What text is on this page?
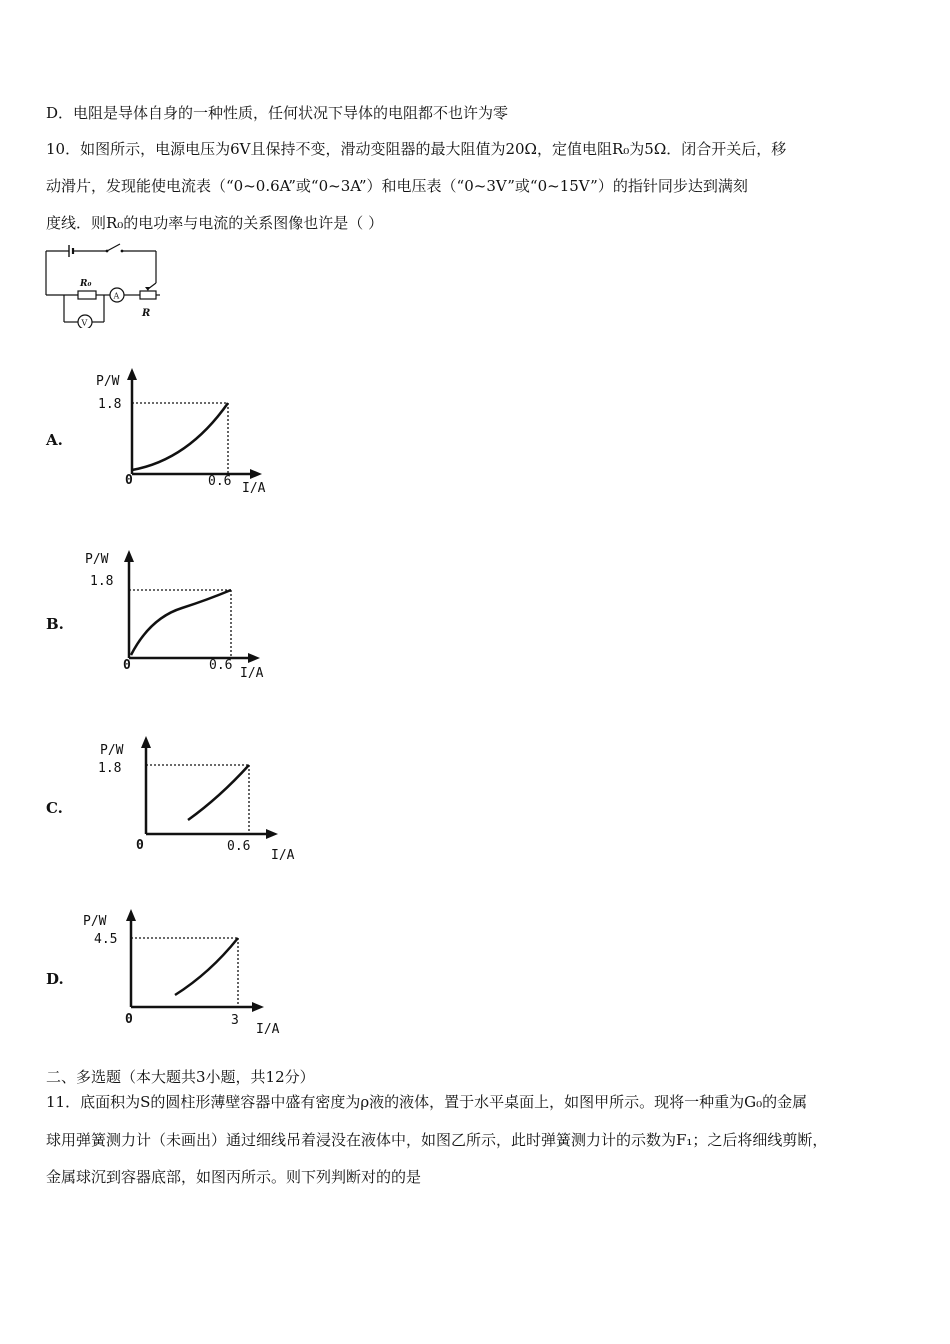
D．电阻是导体自身的一种性质，任何状况下导体的电阻都不也许为零
10．如图所示，电源电压为6V且保持不变，滑动变阻器的最大阻值为20Ω，定值电阻R₀为5Ω．闭合开关后，移
动滑片，发现能使电流表（“0~0.6A”或“0~3A”）和电压表（“0~3V”或“0~15V”）的指针同步达到满刻
度线．则R₀的电功率与电流的关系图像也许是（ ）
R₀
A
R
V
A.
P/W
1.8
0	0.6 I/A
B.
P/W
1.8
0	0.6
I/A
C.
P/W
1.8
0	0.6
I/A
D.
P/W
4.5
0	3
I/A
二、多选题（本大题共3小题，共12分）
11．底面积为S的圆柱形薄壁容器中盛有密度为ρ液的液体，置于水平桌面上，如图甲所示。现将一种重为G₀的金属
球用弹簧测力计（未画出）通过细线吊着浸没在液体中，如图乙所示，此时弹簧测力计的示数为F₁；之后将细线剪断，
金属球沉到容器底部，如图丙所示。则下列判断对的的是
